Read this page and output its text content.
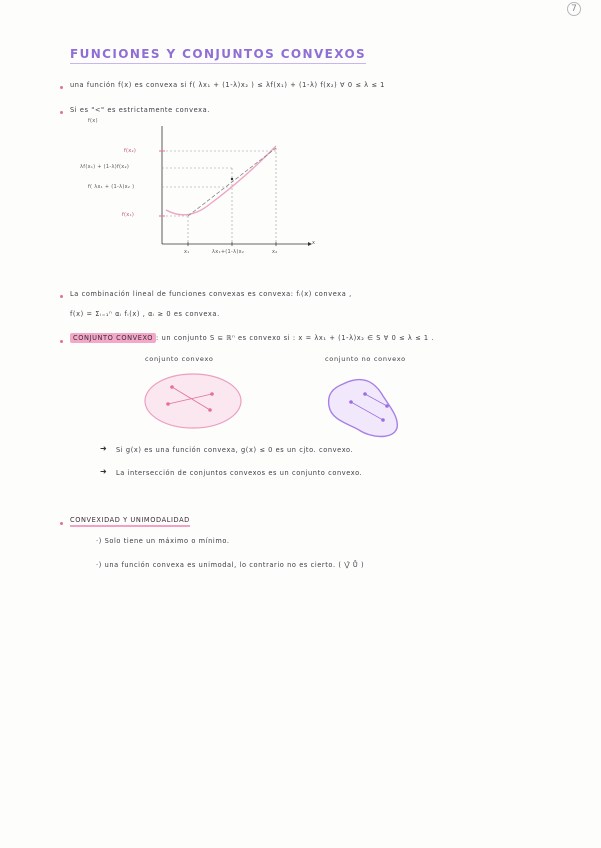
7
FUNCIONES Y CONJUNTOS CONVEXOS
una función f(x) es convexa si f( λx₁ + (1-λ)x₂ ) ≤ λf(x₁) + (1-λ) f(x₂) ∀ 0 ≤ λ ≤ 1
Si es "<" es estrictamente convexa.
f(x)
x
f(x₂)
λf(x₁) + (1-λ)f(x₂)
f( λx₁ + (1-λ)x₂ )
f(x₁)
x₁	λx₁+(1-λ)x₂	x₂
La combinación lineal de funciones convexas es convexa: fᵢ(x) convexa ,
f(x) = Σᵢ₌₁ⁿ αᵢ fᵢ(x) , αᵢ ≥ 0 es convexa.
CONJUNTO CONVEXO : un conjunto S ⊆ ℝⁿ es convexo si : x = λx₁ + (1-λ)x₂ ∈ S ∀ 0 ≤ λ ≤ 1 .
conjunto convexo	conjunto no convexo
➜ Si g(x) es una función convexa, g(x) ≤ 0 es un cjto. convexo.
➜ La intersección de conjuntos convexos es un conjunto convexo.
CONVEXIDAD Y UNIMODALIDAD
·) Solo tiene un máximo o mínimo.
·) una función convexa es unimodal, lo contrario no es cierto. ( ⋁̃ Ů )
